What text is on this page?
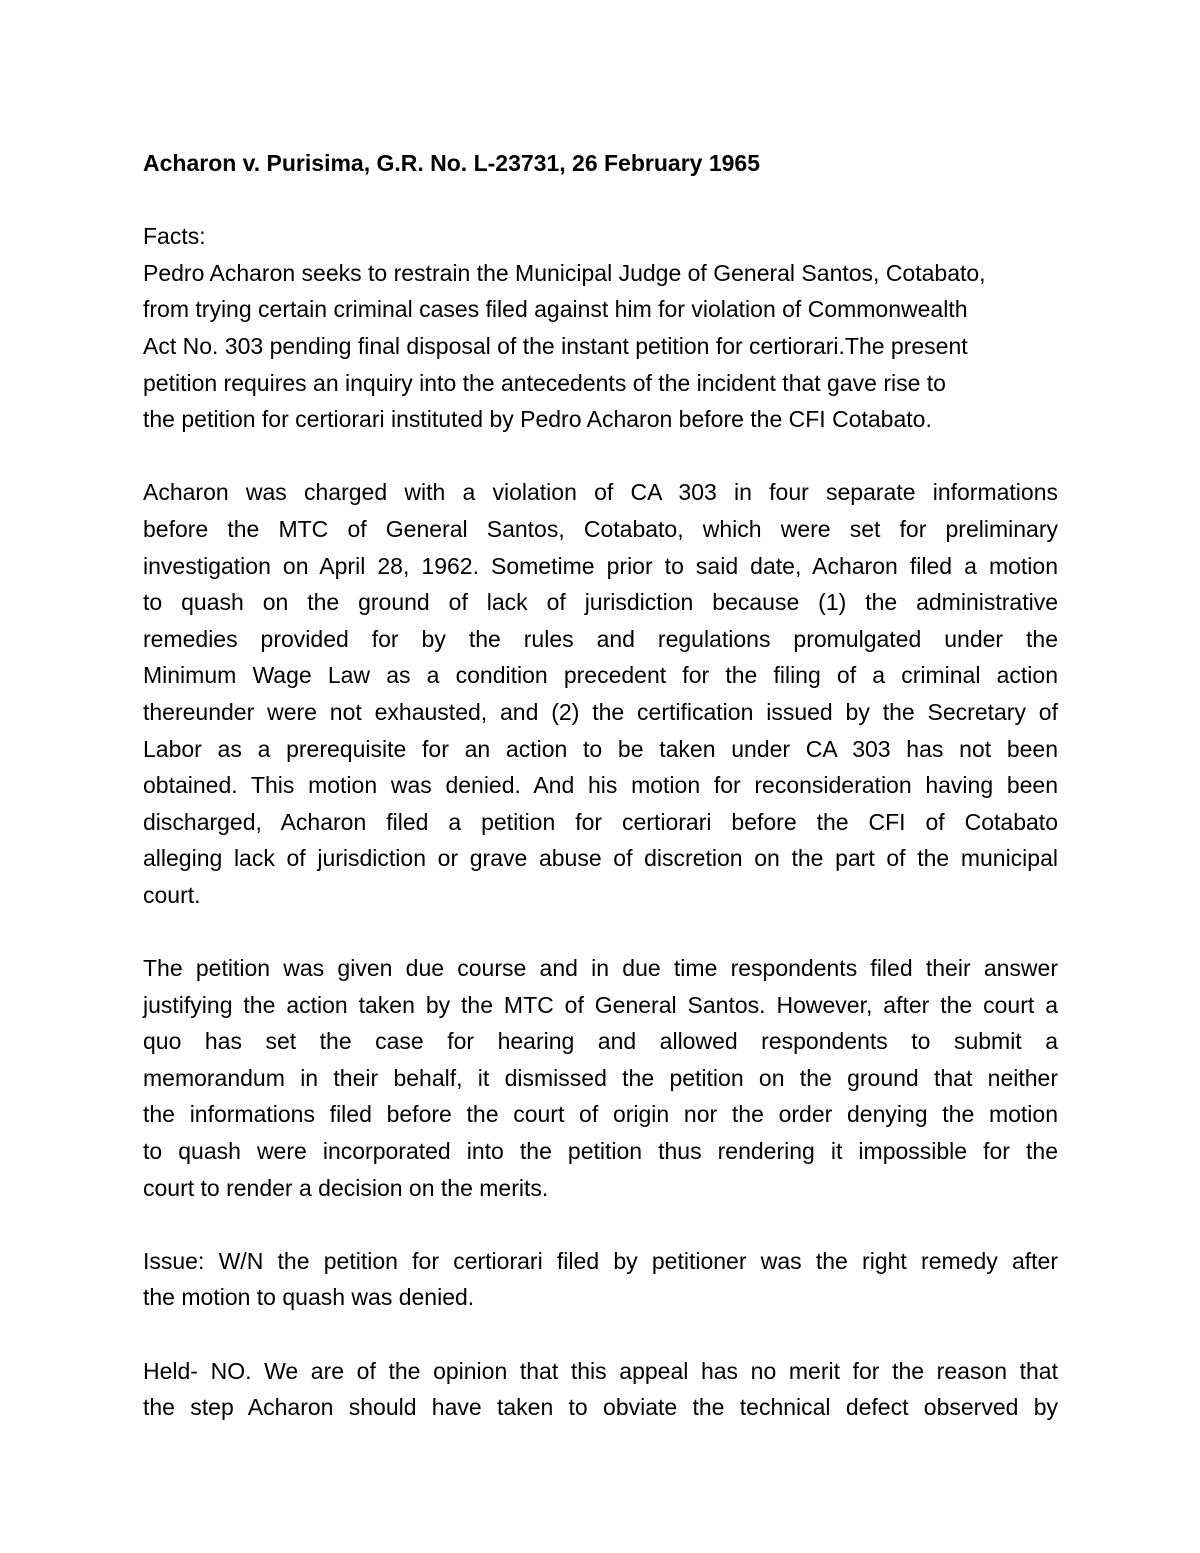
Acharon v. Purisima, G.R. No. L-23731, 26 February 1965

Facts:
Pedro Acharon seeks to restrain the Municipal Judge of General Santos, Cotabato,
from trying certain criminal cases filed against him for violation of Commonwealth
Act No. 303 pending final disposal of the instant petition for certiorari.The present
petition requires an inquiry into the antecedents of the incident that gave rise to
the petition for certiorari instituted by Pedro Acharon before the CFI Cotabato.
Acharon was charged with a violation of CA 303 in four separate informations
before the MTC of General Santos, Cotabato, which were set for preliminary
investigation on April 28, 1962. Sometime prior to said date, Acharon filed a motion
to quash on the ground of lack of jurisdiction because (1) the administrative
remedies provided for by the rules and regulations promulgated under the
Minimum Wage Law as a condition precedent for the filing of a criminal action
thereunder were not exhausted, and (2) the certification issued by the Secretary of
Labor as a prerequisite for an action to be taken under CA 303 has not been
obtained. This motion was denied. And his motion for reconsideration having been
discharged, Acharon filed a petition for certiorari before the CFI of Cotabato
alleging lack of jurisdiction or grave abuse of discretion on the part of the municipal
court.
The petition was given due course and in due time respondents filed their answer
justifying the action taken by the MTC of General Santos. However, after the court a
quo has set the case for hearing and allowed respondents to submit a
memorandum in their behalf, it dismissed the petition on the ground that neither
the informations filed before the court of origin nor the order denying the motion
to quash were incorporated into the petition thus rendering it impossible for the
court to render a decision on the merits.
Issue: W/N the petition for certiorari filed by petitioner was the right remedy after
the motion to quash was denied.
Held- NO. We are of the opinion that this appeal has no merit for the reason that
the step Acharon should have taken to obviate the technical defect observed by
